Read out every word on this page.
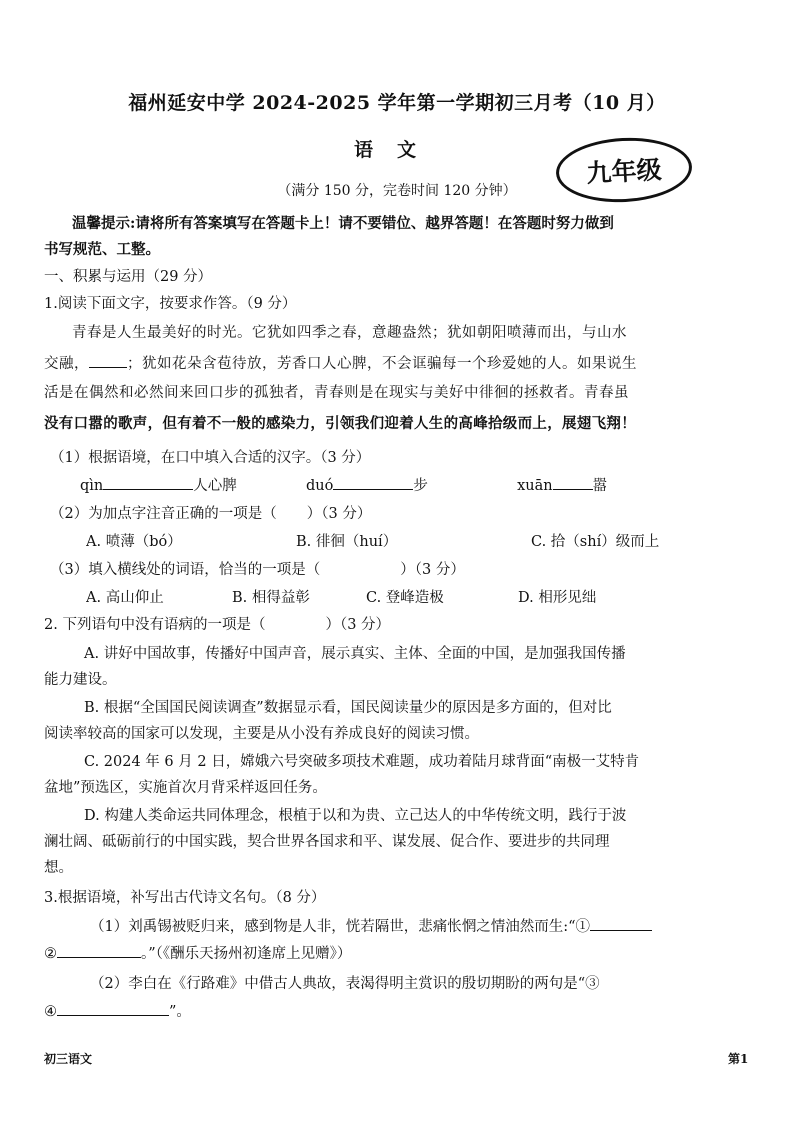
福州延安中学 2024-2025 学年第一学期初三月考（10 月）
语文
九年级
（满分 150 分，完卷时间 120 分钟）
温馨提示:请将所有答案填写在答题卡上！请不要错位、越界答题！在答题时努力做到
书写规范、工整。
一、积累与运用（29 分）
1.阅读下面文字，按要求作答。（9 分）
青春是人生最美好的时光。它犹如四季之春，意趣盎然；犹如朝阳喷薄而出，与山水
交融，	；犹如花朵含苞待放，芳香口人心脾，不会诓骗每一个珍爱她的人。如果说生
活是在偶然和必然间来回口步的孤独者，青春则是在现实与美好中徘徊的拯救者。青春虽
没有口嚣的歌声，但有着不一般的感染力，引领我们迎着人生的高峰拾级而上，展翅飞翔！
（1）根据语境，在口中填入合适的汉字。（3 分）
qìn	人心脾	duó	步	xuān	嚣
（2）为加点字注音正确的一项是（ ）（3 分）
A. 喷薄（bó）	B. 徘徊（huí）	C. 拾（shí）级而上
（3）填入横线处的词语，恰当的一项是（	）（3 分）
A. 高山仰止	B. 相得益彰	C. 登峰造极	D. 相形见绌
2. 下列语句中没有语病的一项是（	）（3 分）
A. 讲好中国故事，传播好中国声音，展示真实、主体、全面的中国，是加强我国传播
能力建设。
B. 根据“全国国民阅读调查”数据显示看，国民阅读量少的原因是多方面的，但对比
阅读率较高的国家可以发现，主要是从小没有养成良好的阅读习惯。
C. 2024 年 6 月 2 日，嫦娥六号突破多项技术难题，成功着陆月球背面“南极一艾特肯
盆地”预选区，实施首次月背采样返回任务。
D. 构建人类命运共同体理念，根植于以和为贵、立己达人的中华传统文明，践行于波
澜壮阔、砥砺前行的中国实践，契合世界各国求和平、谋发展、促合作、要进步的共同理
想。
3.根据语境，补写出古代诗文名句。（8 分）
（1）刘禹锡被贬归来，感到物是人非，恍若隔世，悲痛怅惘之情油然而生:“①
②	。”（《酬乐天扬州初逢席上见赠》）
（2）李白在《行路难》中借古人典故，表渴得明主赏识的殷切期盼的两句是“③
④	”。
初三语文	第1
